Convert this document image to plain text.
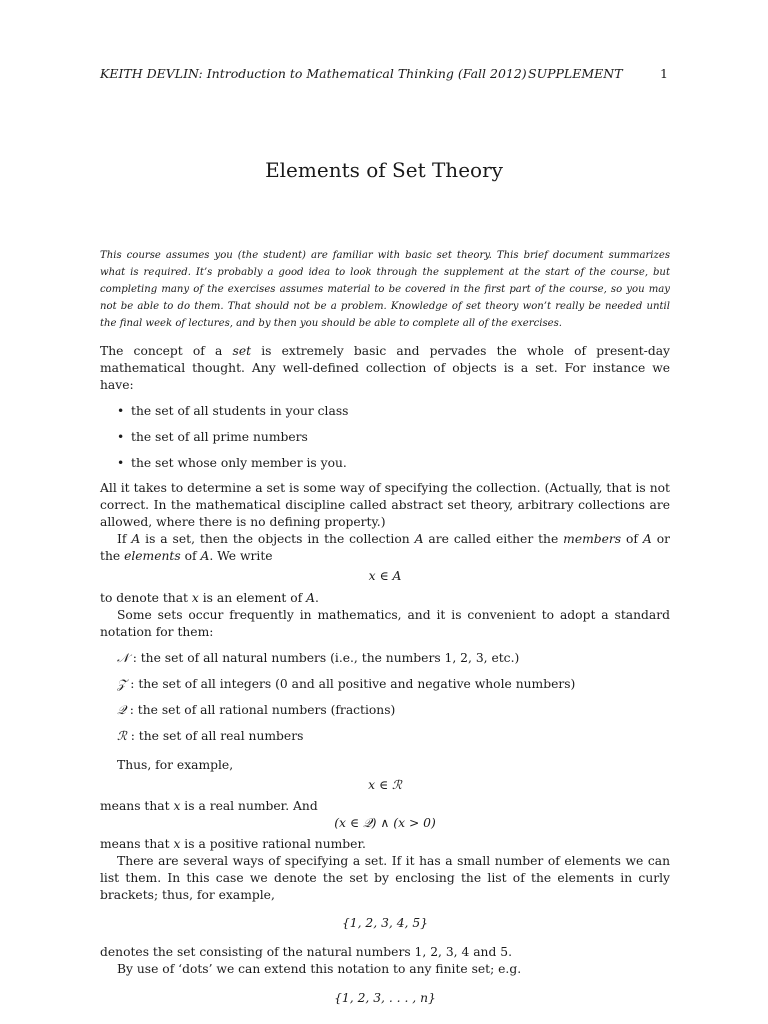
KEITH DEVLIN: Introduction to Mathematical Thinking (Fall 2012) SUPPLEMENT	1
Elements of Set Theory
This course assumes you (the student) are familiar with basic set theory. This brief document summarizes what is required. It’s probably a good idea to look through the supplement at the start of the course, but completing many of the exercises assumes material to be covered in the first part of the course, so you may not be able to do them. That should not be a problem. Knowledge of set theory won’t really be needed until the final week of lectures, and by then you should be able to complete all of the exercises.

The concept of a set is extremely basic and pervades the whole of present-day mathematical thought. Any well-defined collection of objects is a set. For instance we have:

• the set of all students in your class
• the set of all prime numbers
• the set whose only member is you.

All it takes to determine a set is some way of specifying the collection. (Actually, that is not correct. In the mathematical discipline called abstract set theory, arbitrary collections are allowed, where there is no defining property.)

If A is a set, then the objects in the collection A are called either the members of A or the elements of A. We write

x ∈ A

to denote that x is an element of A.

Some sets occur frequently in mathematics, and it is convenient to adopt a standard notation for them:

𝒩 : the set of all natural numbers (i.e., the numbers 1, 2, 3, etc.)
𝒵 : the set of all integers (0 and all positive and negative whole numbers)
𝒬 : the set of all rational numbers (fractions)
ℛ : the set of all real numbers

Thus, for example,

x ∈ ℛ

means that x is a real number. And

(x ∈ 𝒬) ∧ (x > 0)

means that x is a positive rational number.

There are several ways of specifying a set. If it has a small number of elements we can list them. In this case we denote the set by enclosing the list of the elements in curly brackets; thus, for example,

{1, 2, 3, 4, 5}

denotes the set consisting of the natural numbers 1, 2, 3, 4 and 5.

By use of ‘dots’ we can extend this notation to any finite set; e.g.

{1, 2, 3, . . . , n}
